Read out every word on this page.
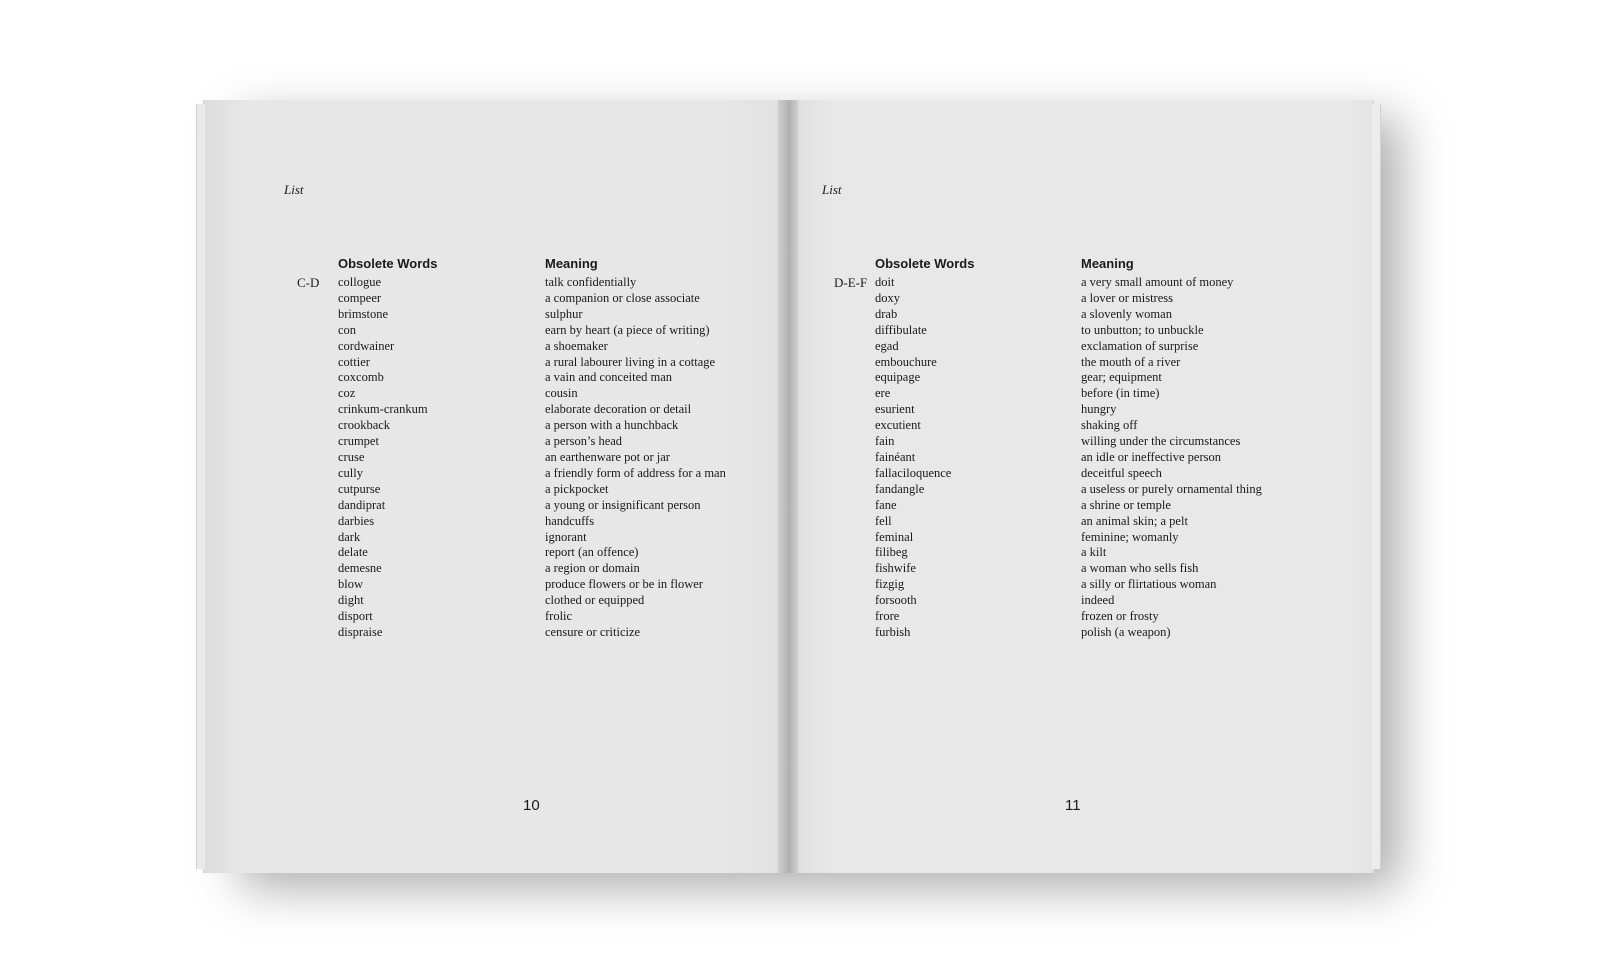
List
Obsolete Words	Meaning
C-D collogue
compeer
brimstone
con
cordwainer
cottier
coxcomb
coz
crinkum-crankum
crookback
crumpet
cruse
cully
cutpurse
dandiprat
darbies
dark
delate
demesne
blow
dight
disport
dispraise
talk confidentially
a companion or close associate
sulphur
earn by heart (a piece of writing)
a shoemaker
a rural labourer living in a cottage
a vain and conceited man
cousin
elaborate decoration or detail
a person with a hunchback
a person’s head
an earthenware pot or jar
a friendly form of address for a man
a pickpocket
a young or insignificant person
handcuffs
ignorant
report (an offence)
a region or domain
produce flowers or be in flower
clothed or equipped
frolic
censure or criticize
10
List
Obsolete Words	Meaning
D-E-F doit
doxy
drab
diffibulate
egad
embouchure
equipage
ere
esurient
excutient
fain
fainéant
fallaciloquence
fandangle
fane
fell
feminal
filibeg
fishwife
fizgig
forsooth
frore
furbish
a very small amount of money
a lover or mistress
a slovenly woman
to unbutton; to unbuckle
exclamation of surprise
the mouth of a river
gear; equipment
before (in time)
hungry
shaking off
willing under the circumstances
an idle or ineffective person
deceitful speech
a useless or purely ornamental thing
a shrine or temple
an animal skin; a pelt
feminine; womanly
a kilt
a woman who sells fish
a silly or flirtatious woman
indeed
frozen or frosty
polish (a weapon)
11
